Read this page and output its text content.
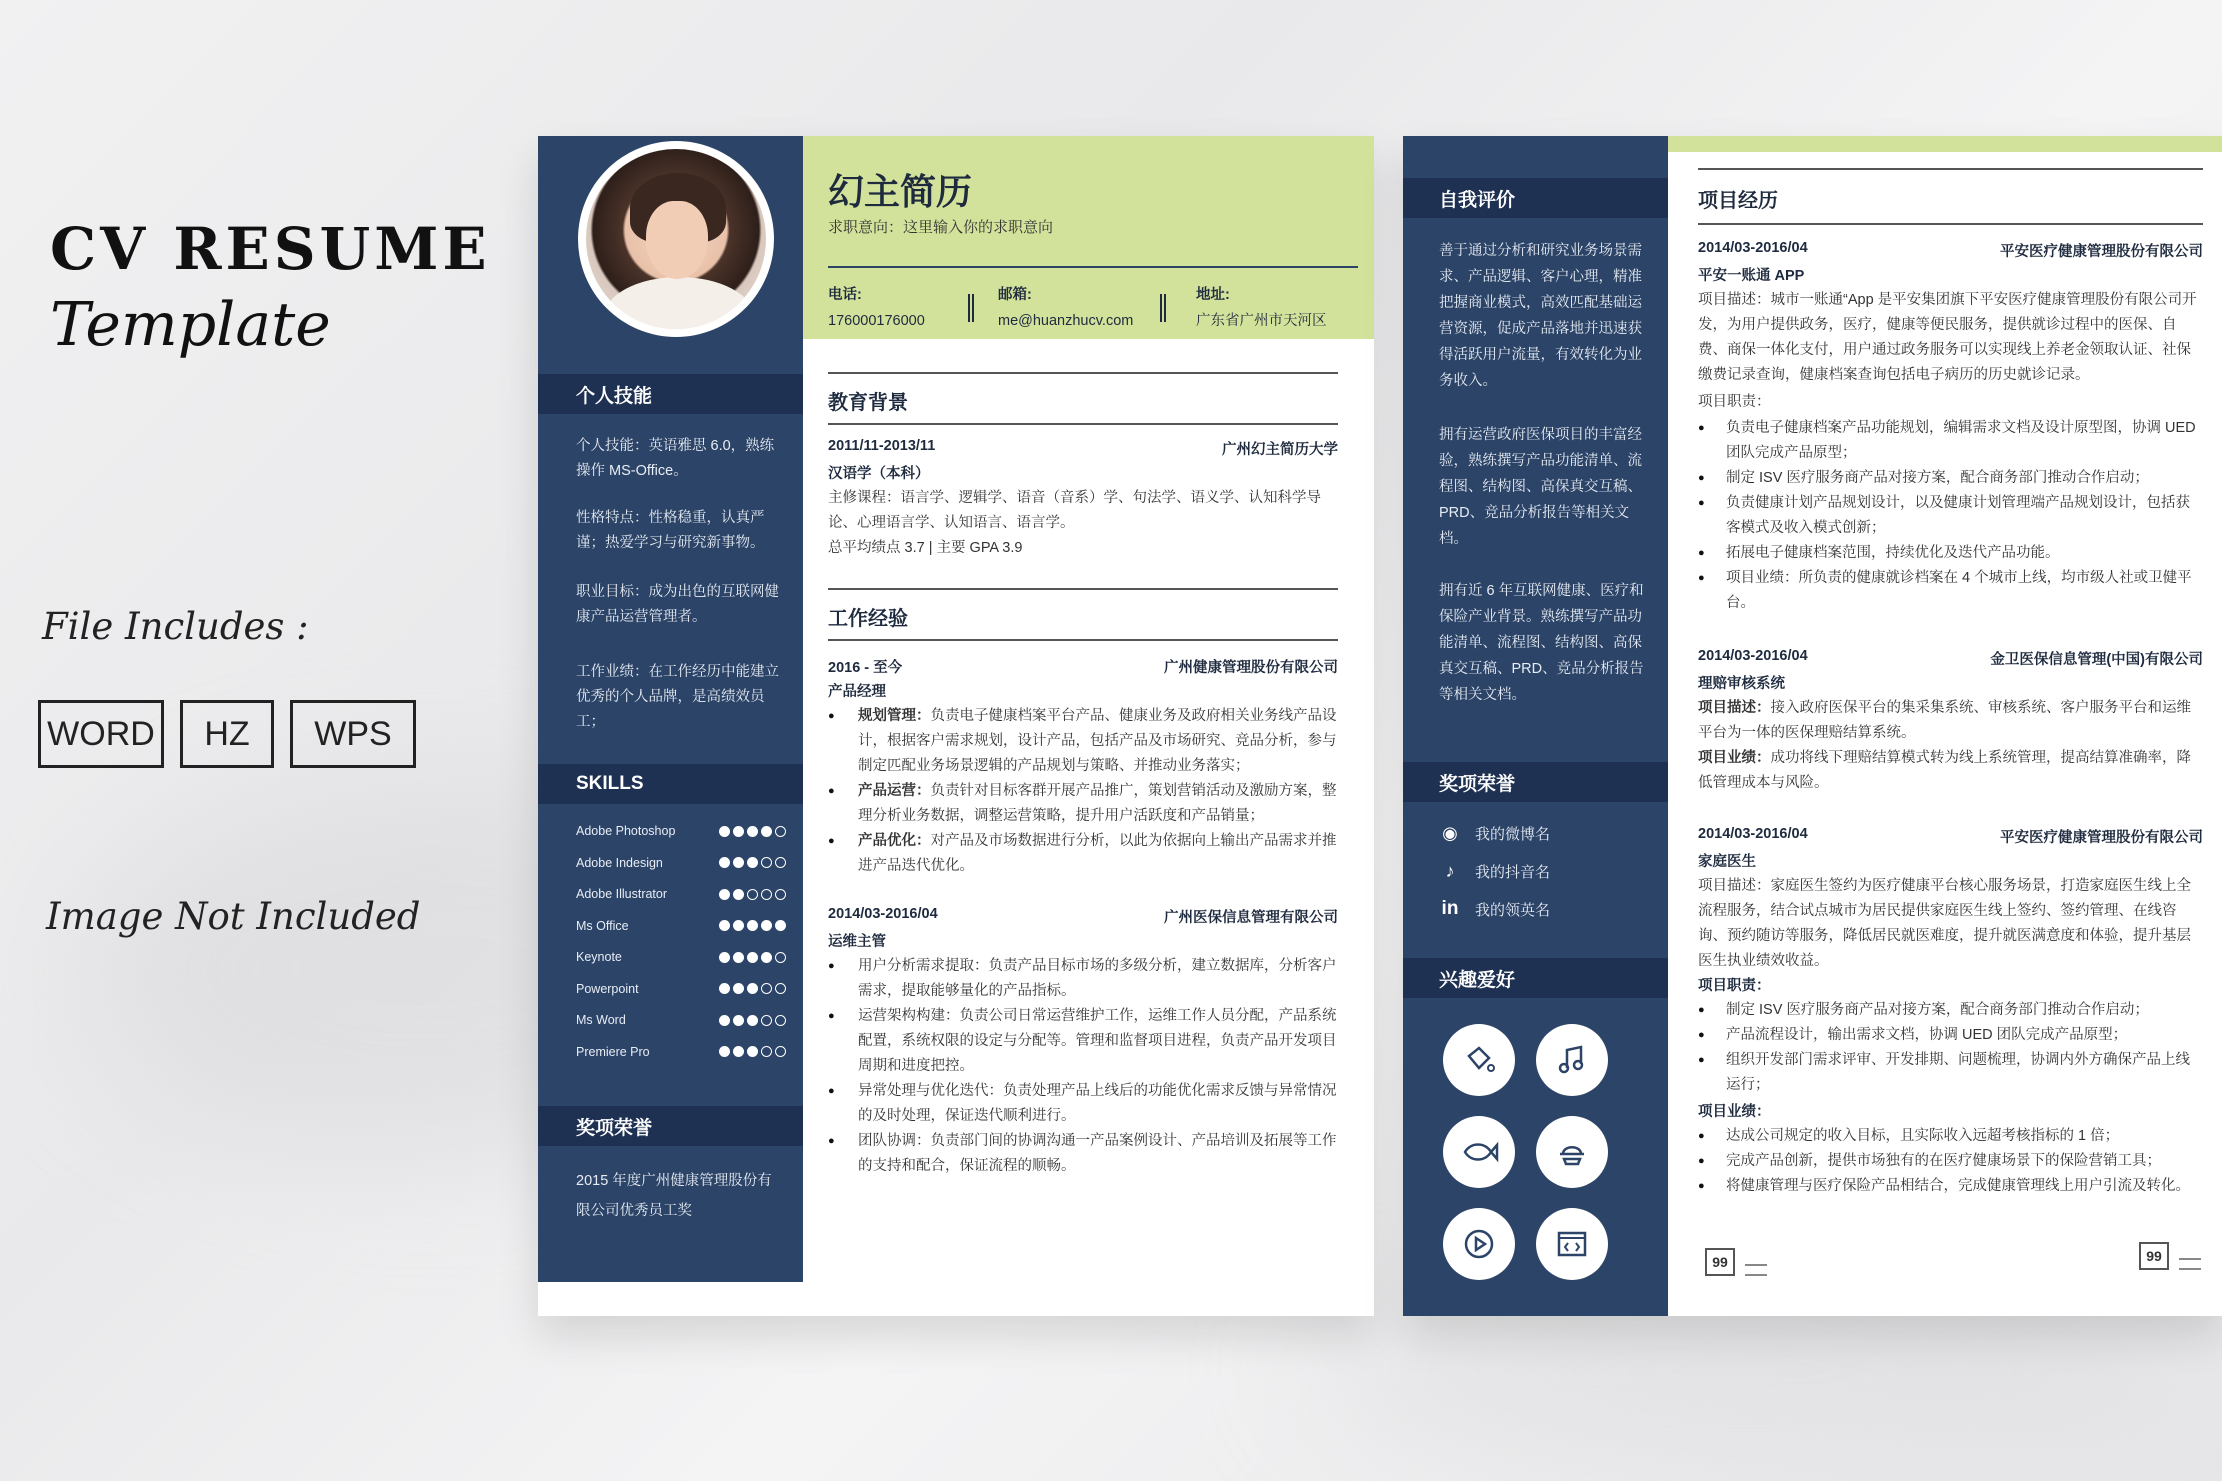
CV RESUME
Template
File Includes :
WORD	HZ	WPS
Image Not Included
个人技能
个人技能：英语雅思 6.0，熟练操作 MS-Office。
性格特点：性格稳重，认真严谨；热爱学习与研究新事物。
职业目标：成为出色的互联网健康产品运营管理者。
工作业绩：在工作经历中能建立优秀的个人品牌，是高绩效员工；
SKILLS
Adobe Photoshop
Adobe Indesign
Adobe Illustrator
Ms Office
Keynote
Powerpoint
Ms Word
Premiere Pro
奖项荣誉
2015 年度广州健康管理股份有限公司优秀员工奖
幻主简历
求职意向：这里输入你的求职意向
电话:
176000176000
邮箱:
me@huanzhucv.com
地址:
广东省广州市天河区
教育背景
2011/11-2013/11	广州幻主简历大学
汉语学（本科）
主修课程：语言学、逻辑学、语音（音系）学、句法学、语义学、认知科学导论、心理语言学、认知语言、语言学。
总平均绩点 3.7 | 主要 GPA 3.9
工作经验
2016 - 至今	广州健康管理股份有限公司
产品经理
● 规划管理：负责电子健康档案平台产品、健康业务及政府相关业务线产品设计，根据客户需求规划，设计产品，包括产品及市场研究、竞品分析，参与制定匹配业务场景逻辑的产品规划与策略、并推动业务落实；
● 产品运营：负责针对目标客群开展产品推广，策划营销活动及激励方案，整理分析业务数据，调整运营策略，提升用户活跃度和产品销量；
● 产品优化：对产品及市场数据进行分析，以此为依据向上输出产品需求并推进产品迭代优化。
2014/03-2016/04	广州医保信息管理有限公司
运维主管
● 用户分析需求提取：负责产品目标市场的多级分析，建立数据库，分析客户需求，提取能够量化的产品指标。
● 运营架构构建：负责公司日常运营维护工作，运维工作人员分配，产品系统配置，系统权限的设定与分配等。管理和监督项目进程，负责产品开发项目周期和进度把控。
● 异常处理与优化迭代：负责处理产品上线后的功能优化需求反馈与异常情况的及时处理，保证迭代顺利进行。
● 团队协调：负责部门间的协调沟通一产品案例设计、产品培训及拓展等工作的支持和配合，保证流程的顺畅。
自我评价
善于通过分析和研究业务场景需求、产品逻辑、客户心理，精准把握商业模式，高效匹配基础运营资源，促成产品落地并迅速获得活跃用户流量，有效转化为业务收入。
拥有运营政府医保项目的丰富经验，熟练撰写产品功能清单、流程图、结构图、高保真交互稿、PRD、竞品分析报告等相关文档。
拥有近 6 年互联网健康、医疗和保险产业背景。熟练撰写产品功能清单、流程图、结构图、高保真交互稿、PRD、竞品分析报告等相关文档。
奖项荣誉
◉ 我的微博名
♪	我的抖音名
in 我的领英名
兴趣爱好
项目经历
2014/03-2016/04	平安医疗健康管理股份有限公司
平安一账通 APP
项目描述：城市一账通“App 是平安集团旗下平安医疗健康管理股份有限公司开发，为用户提供政务，医疗，健康等便民服务，提供就诊过程中的医保、自费、商保一体化支付，用户通过政务服务可以实现线上养老金领取认证、社保缴费记录查询，健康档案查询包括电子病历的历史就诊记录。
项目职责：
● 负责电子健康档案产品功能规划，编辑需求文档及设计原型图，协调 UED 团队完成产品原型；
● 制定 ISV 医疗服务商产品对接方案，配合商务部门推动合作启动；
● 负责健康计划产品规划设计，以及健康计划管理端产品规划设计，包括获客模式及收入模式创新；
● 拓展电子健康档案范围，持续优化及迭代产品功能。
● 项目业绩：所负责的健康就诊档案在 4 个城市上线，均市级人社或卫健平台。
2014/03-2016/04	金卫医保信息管理(中国)有限公司
理赔审核系统
项目描述：接入政府医保平台的集采集系统、审核系统、客户服务平台和运维平台为一体的医保理赔结算系统。
项目业绩：成功将线下理赔结算模式转为线上系统管理，提高结算准确率，降低管理成本与风险。
2014/03-2016/04	平安医疗健康管理股份有限公司
家庭医生
项目描述：家庭医生签约为医疗健康平台核心服务场景，打造家庭医生线上全流程服务，结合试点城市为居民提供家庭医生线上签约、签约管理、在线咨询、预约随访等服务，降低居民就医难度，提升就医满意度和体验，提升基层医生执业绩效收益。
项目职责：
● 制定 ISV 医疗服务商产品对接方案，配合商务部门推动合作启动；
● 产品流程设计，输出需求文档，协调 UED 团队完成产品原型；
● 组织开发部门需求评审、开发排期、问题梳理，协调内外方确保产品上线运行；
项目业绩：
● 达成公司规定的收入目标，且实际收入远超考核指标的 1 倍；
● 完成产品创新，提供市场独有的在医疗健康场景下的保险营销工具；
● 将健康管理与医疗保险产品相结合，完成健康管理线上用户引流及转化。
99	99
